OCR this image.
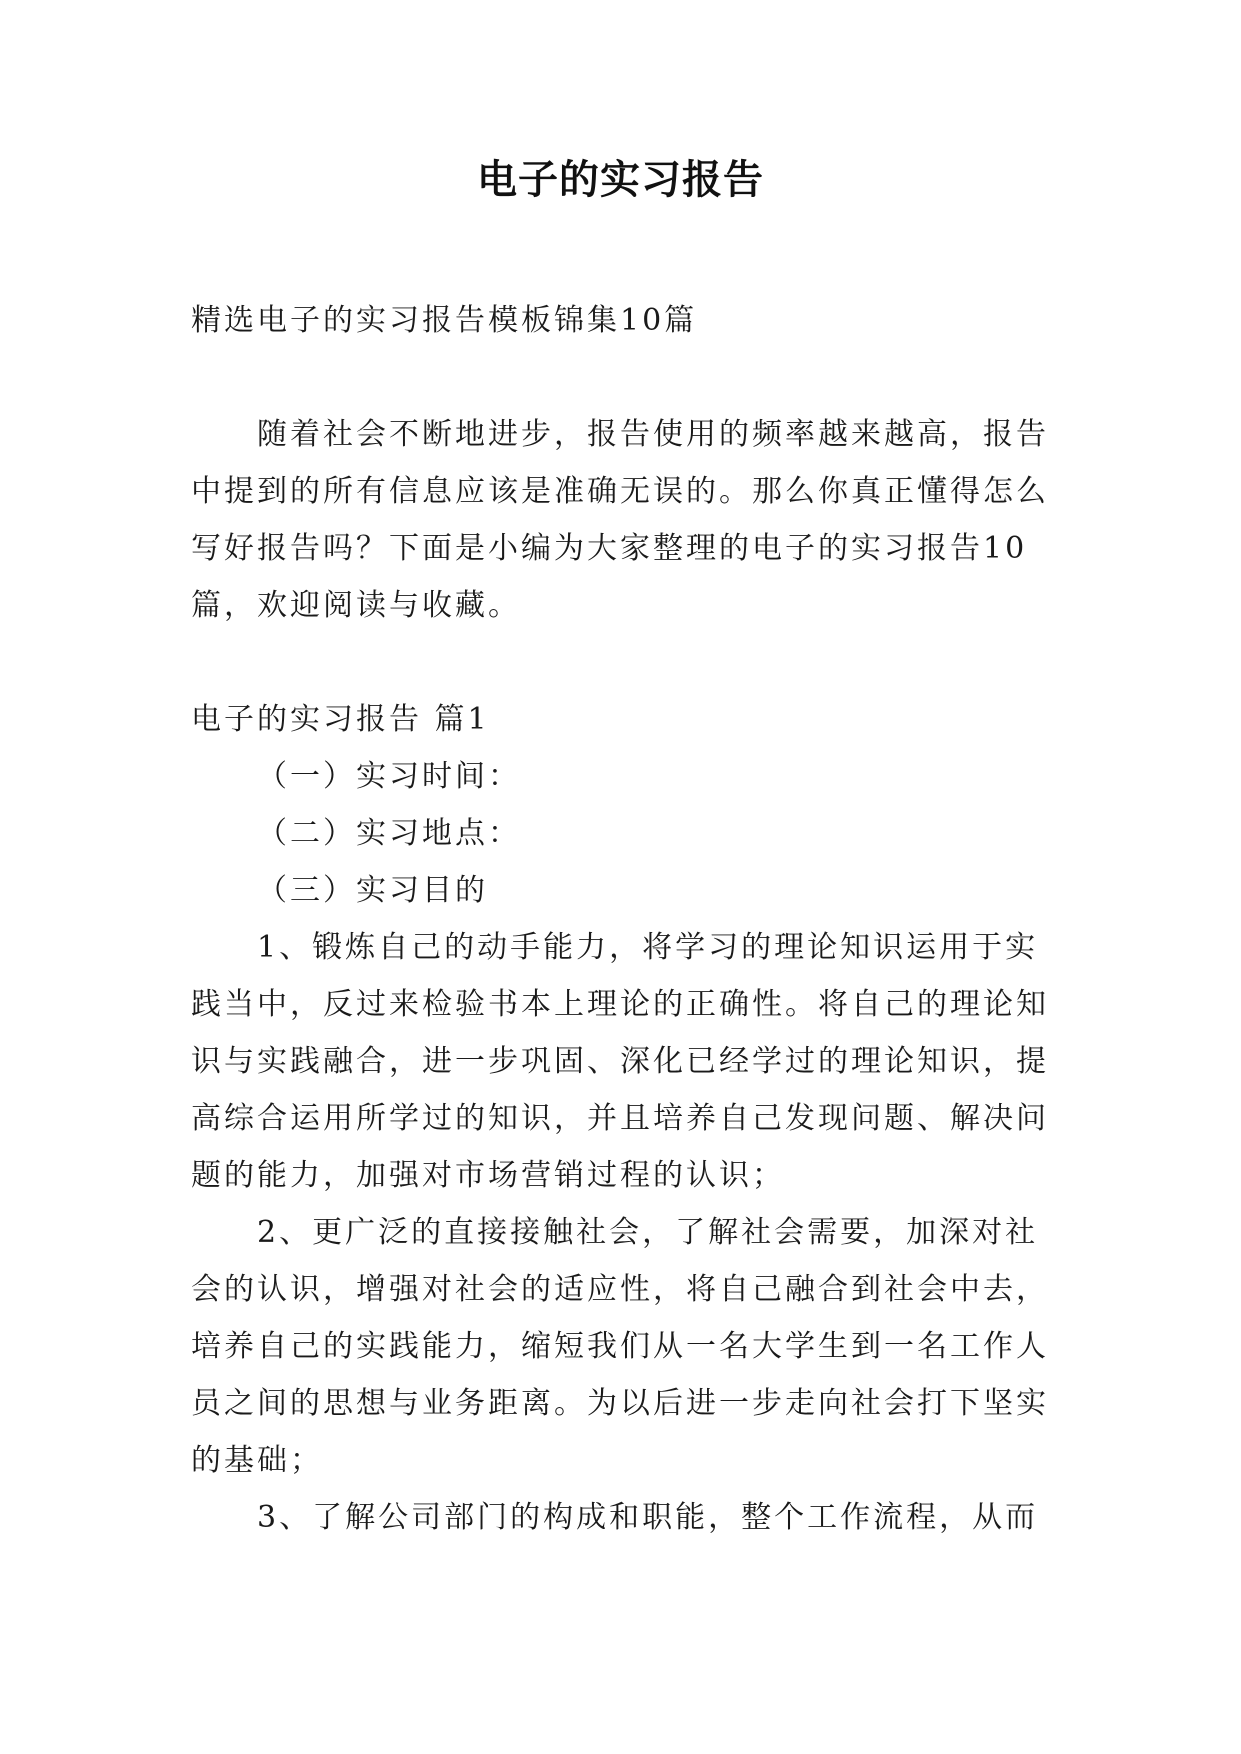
电子的实习报告
精选电子的实习报告模板锦集10篇
随着社会不断地进步，报告使用的频率越来越高，报告中提到的所有信息应该是准确无误的。那么你真正懂得怎么写好报告吗？下面是小编为大家整理的电子的实习报告10篇，欢迎阅读与收藏。
电子的实习报告 篇1
（一）实习时间：
（二）实习地点：
（三）实习目的
1、锻炼自己的动手能力，将学习的理论知识运用于实践当中，反过来检验书本上理论的正确性。将自己的理论知识与实践融合，进一步巩固、深化已经学过的理论知识，提高综合运用所学过的知识，并且培养自己发现问题、解决问题的能力，加强对市场营销过程的认识；
2、更广泛的直接接触社会，了解社会需要，加深对社会的认识，增强对社会的适应性，将自己融合到社会中去，培养自己的实践能力，缩短我们从一名大学生到一名工作人员之间的思想与业务距离。为以后进一步走向社会打下坚实的基础；
3、了解公司部门的构成和职能，整个工作流程，从而
